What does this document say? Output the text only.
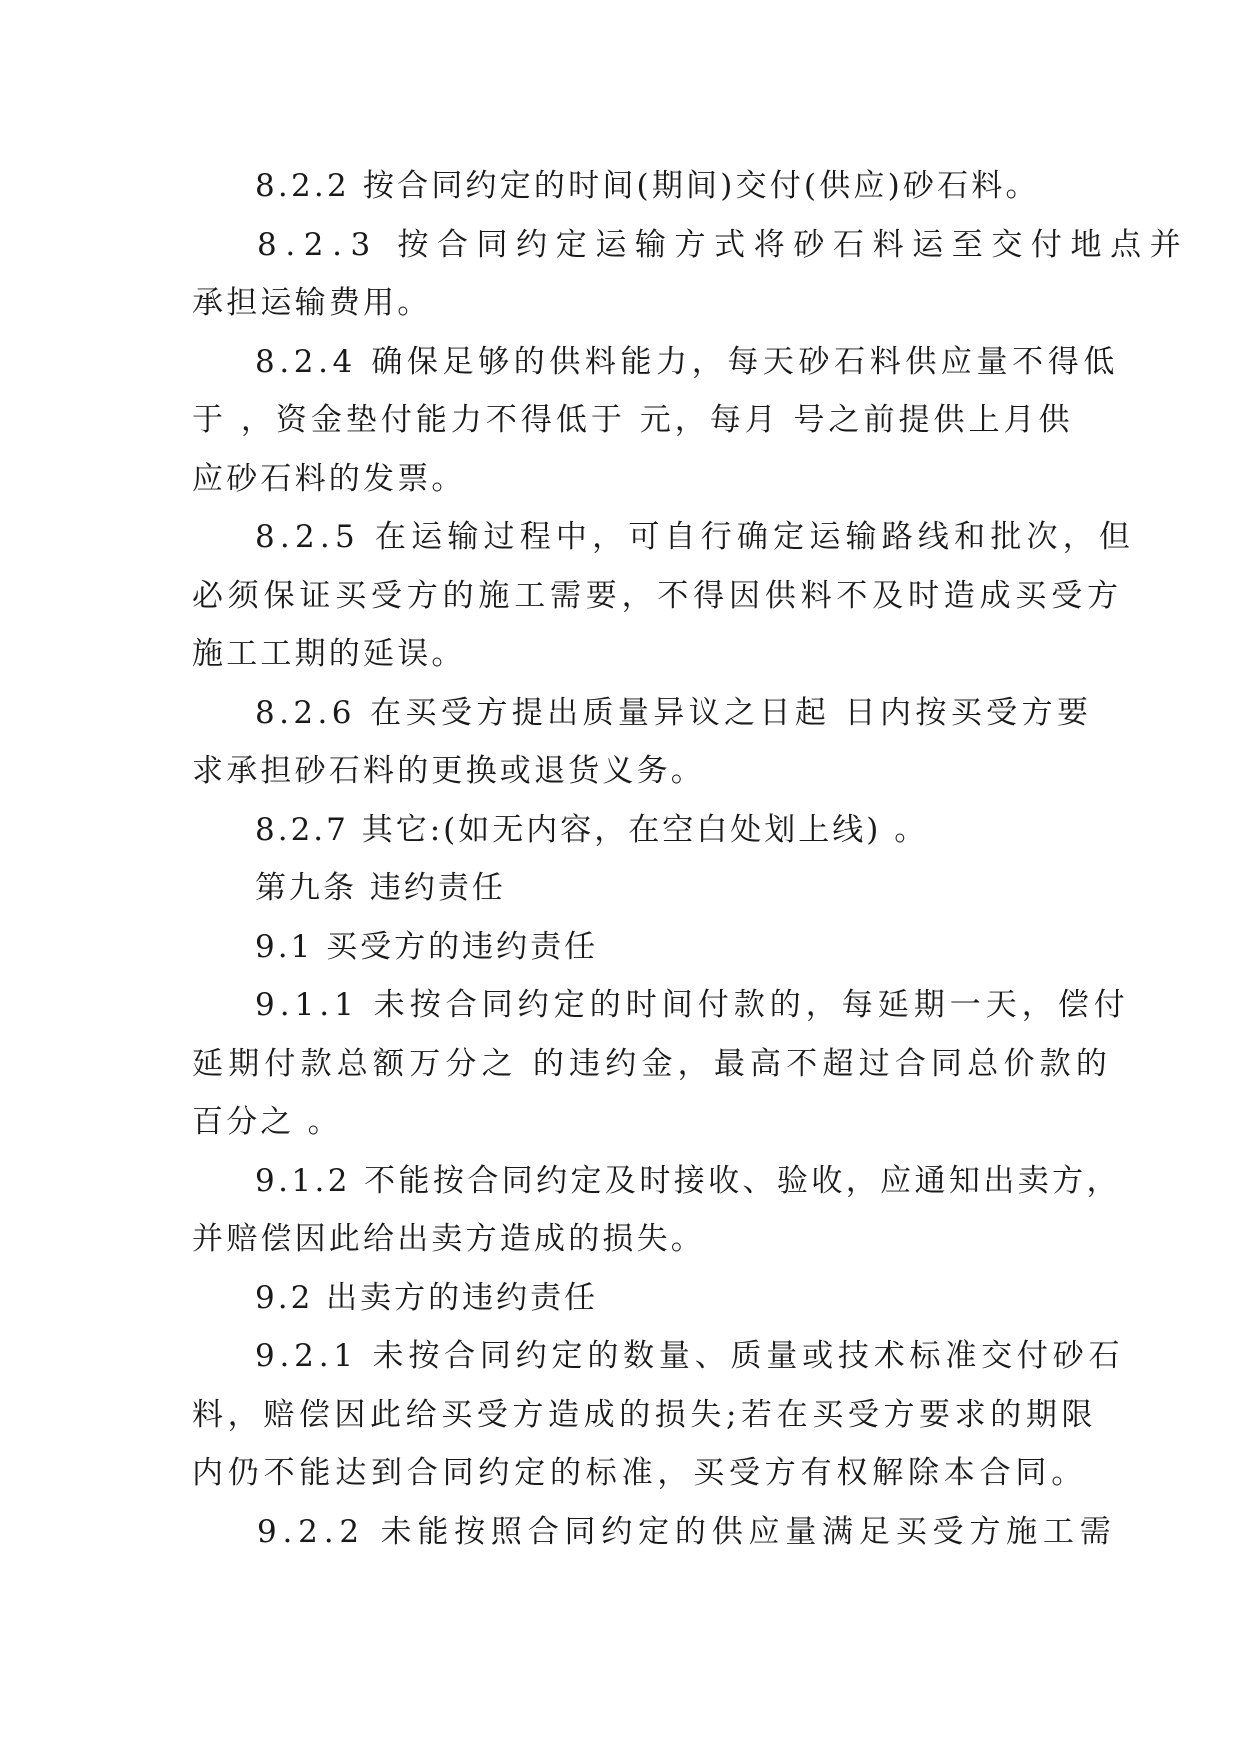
8.2.2 按合同约定的时间(期间)交付(供应)砂石料。
8.2.3 按合同约定运输方式将砂石料运至交付地点并
承担运输费用。
8.2.4 确保足够的供料能力，每天砂石料供应量不得低
于 ，资金垫付能力不得低于 元，每月 号之前提供上月供
应砂石料的发票。
8.2.5 在运输过程中，可自行确定运输路线和批次，但
必须保证买受方的施工需要，不得因供料不及时造成买受方
施工工期的延误。
8.2.6 在买受方提出质量异议之日起 日内按买受方要
求承担砂石料的更换或退货义务。
8.2.7 其它:(如无内容，在空白处划上线) 。
第九条 违约责任
9.1 买受方的违约责任
9.1.1 未按合同约定的时间付款的，每延期一天，偿付
延期付款总额万分之 的违约金，最高不超过合同总价款的
百分之 。
9.1.2 不能按合同约定及时接收、验收，应通知出卖方，
并赔偿因此给出卖方造成的损失。
9.2 出卖方的违约责任
9.2.1 未按合同约定的数量、质量或技术标准交付砂石
料，赔偿因此给买受方造成的损失;若在买受方要求的期限
内仍不能达到合同约定的标准，买受方有权解除本合同。
9.2.2 未能按照合同约定的供应量满足买受方施工需
